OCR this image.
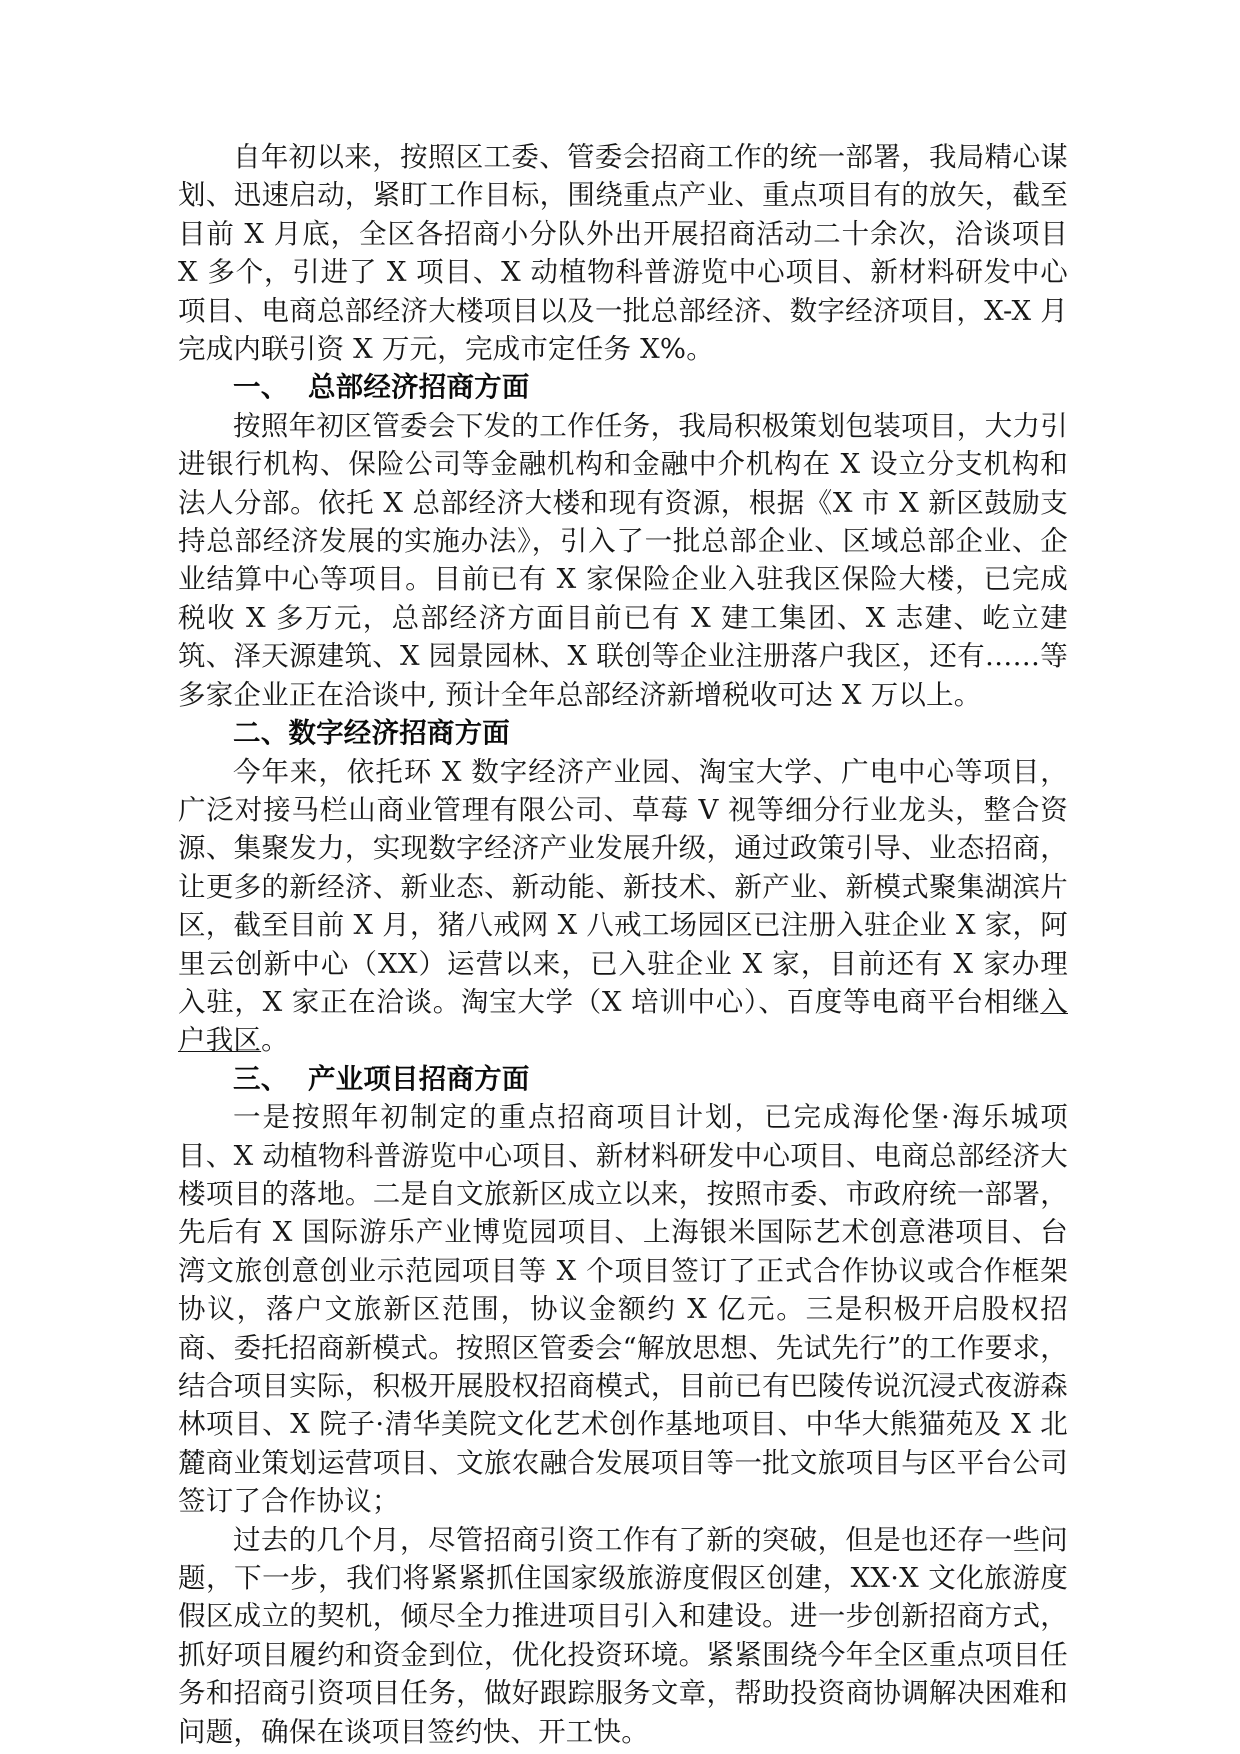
自年初以来，按照区工委、管委会招商工作的统一部署，我局精心谋划、迅速启动，紧盯工作目标，围绕重点产业、重点项目有的放矢，截至目前 X 月底，全区各招商小分队外出开展招商活动二十余次，洽谈项目 X 多个，引进了 X 项目、X 动植物科普游览中心项目、新材料研发中心项目、电商总部经济大楼项目以及一批总部经济、数字经济项目，X-X 月完成内联引资 X 万元，完成市定任务 X%。

一、  总部经济招商方面

按照年初区管委会下发的工作任务，我局积极策划包装项目，大力引进银行机构、保险公司等金融机构和金融中介机构在 X 设立分支机构和法人分部。依托 X 总部经济大楼和现有资源，根据《X 市 X 新区鼓励支持总部经济发展的实施办法》，引入了一批总部企业、区域总部企业、企业结算中心等项目。目前已有 X 家保险企业入驻我区保险大楼，已完成税收 X 多万元，总部经济方面目前已有 X 建工集团、X 志建、屹立建筑、泽天源建筑、X 园景园林、X 联创等企业注册落户我区，还有……等多家企业正在洽谈中, 预计全年总部经济新增税收可达 X 万以上。

二、数字经济招商方面

今年来，依托环 X 数字经济产业园、淘宝大学、广电中心等项目，广泛对接马栏山商业管理有限公司、草莓 V 视等细分行业龙头，整合资源、集聚发力，实现数字经济产业发展升级，通过政策引导、业态招商，让更多的新经济、新业态、新动能、新技术、新产业、新模式聚集湖滨片区，截至目前 X 月，猪八戒网 X 八戒工场园区已注册入驻企业 X 家，阿里云创新中心（XX）运营以来，已入驻企业 X 家，目前还有 X 家办理入驻，X 家正在洽谈。淘宝大学（X 培训中心）、百度等电商平台相继入户我区。

三、  产业项目招商方面

一是按照年初制定的重点招商项目计划，已完成海伦堡·海乐城项目、X 动植物科普游览中心项目、新材料研发中心项目、电商总部经济大楼项目的落地。二是自文旅新区成立以来，按照市委、市政府统一部署，先后有 X 国际游乐产业博览园项目、上海银米国际艺术创意港项目、台湾文旅创意创业示范园项目等 X 个项目签订了正式合作协议或合作框架协议，落户文旅新区范围，协议金额约 X 亿元。三是积极开启股权招商、委托招商新模式。按照区管委会“解放思想、先试先行”的工作要求，结合项目实际，积极开展股权招商模式，目前已有巴陵传说沉浸式夜游森林项目、X 院子·清华美院文化艺术创作基地项目、中华大熊猫苑及 X 北麓商业策划运营项目、文旅农融合发展项目等一批文旅项目与区平台公司签订了合作协议；

过去的几个月，尽管招商引资工作有了新的突破，但是也还存一些问题，下一步，我们将紧紧抓住国家级旅游度假区创建，XX·X 文化旅游度假区成立的契机，倾尽全力推进项目引入和建设。进一步创新招商方式，抓好项目履约和资金到位，优化投资环境。紧紧围绕今年全区重点项目任务和招商引资项目任务，做好跟踪服务文章，帮助投资商协调解决困难和问题，确保在谈项目签约快、开工快。
